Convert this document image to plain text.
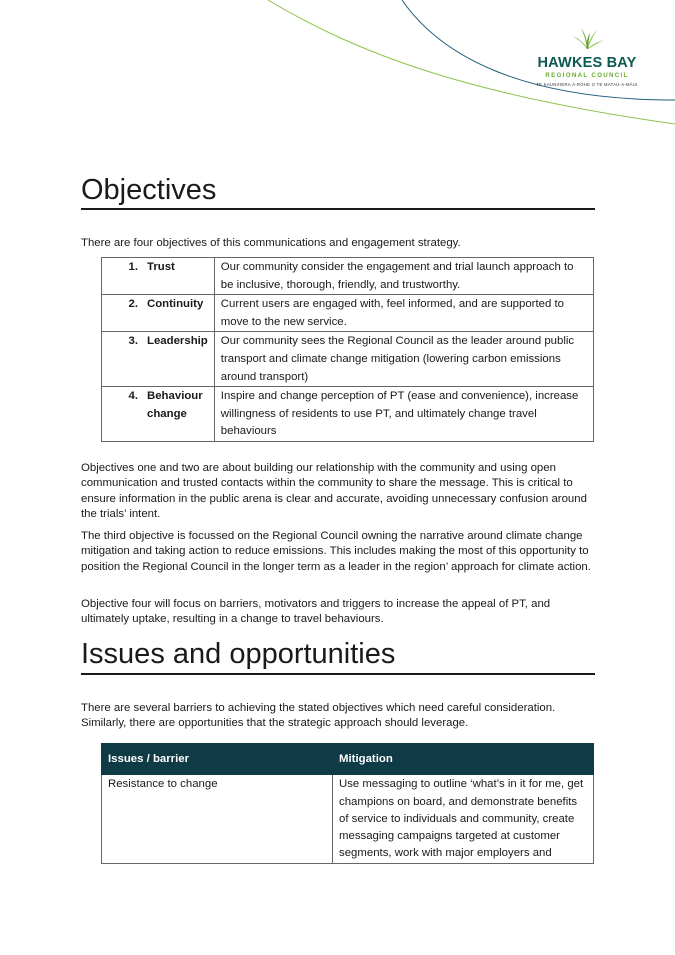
HAWKES BAY
REGIONAL COUNCIL
TE KAUNIHERA Ā-ROHE O TE MATAU-A-MĀUI
Objectives

There are four objectives of this communications and engagement strategy.

1. Trust	Our community consider the engagement and trial launch approach to be inclusive, thorough, friendly, and trustworthy.

2. Continuity	Current users are engaged with, feel informed, and are supported to move to the new service.

3. Leadership	Our community sees the Regional Council as the leader around public transport and climate change mitigation (lowering carbon emissions around transport)

4. Behaviour change	Inspire and change perception of PT (ease and convenience), increase willingness of residents to use PT, and ultimately change travel behaviours

Objectives one and two are about building our relationship with the community and using open communication and trusted contacts within the community to share the message. This is critical to ensure information in the public arena is clear and accurate, avoiding unnecessary confusion around the trials’ intent.

The third objective is focussed on the Regional Council owning the narrative around climate change mitigation and taking action to reduce emissions. This includes making the most of this opportunity to position the Regional Council in the longer term as a leader in the region’ approach for climate action.

Objective four will focus on barriers, motivators and triggers to increase the appeal of PT, and ultimately uptake, resulting in a change to travel behaviours.

Issues and opportunities

There are several barriers to achieving the stated objectives which need careful consideration. Similarly, there are opportunities that the strategic approach should leverage.

Issues / barrier	Mitigation
Resistance to change	Use messaging to outline ‘what’s in it for me, get champions on board, and demonstrate benefits of service to individuals and community, create messaging campaigns targeted at customer segments, work with major employers and
